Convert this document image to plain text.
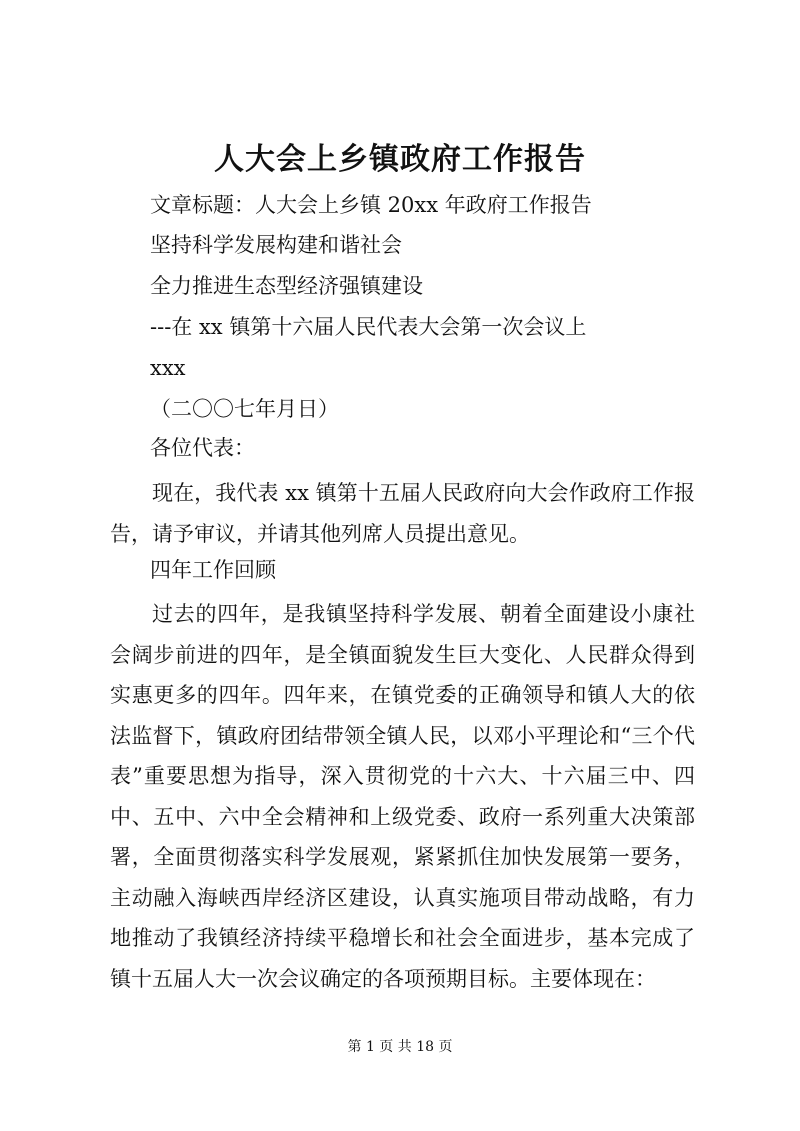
人大会上乡镇政府工作报告
文章标题：人大会上乡镇 20xx 年政府工作报告
坚持科学发展构建和谐社会
全力推进生态型经济强镇建设
---在 xx 镇第十六届人民代表大会第一次会议上
xxx
（二〇〇七年月日）
各位代表：
现在，我代表 xx 镇第十五届人民政府向大会作政府工作报告，请予审议，并请其他列席人员提出意见。
四年工作回顾
过去的四年，是我镇坚持科学发展、朝着全面建设小康社会阔步前进的四年，是全镇面貌发生巨大变化、人民群众得到实惠更多的四年。四年来，在镇党委的正确领导和镇人大的依法监督下，镇政府团结带领全镇人民，以邓小平理论和“三个代表”重要思想为指导，深入贯彻党的十六大、十六届三中、四中、五中、六中全会精神和上级党委、政府一系列重大决策部署，全面贯彻落实科学发展观，紧紧抓住加快发展第一要务，主动融入海峡西岸经济区建设，认真实施项目带动战略，有力地推动了我镇经济持续平稳增长和社会全面进步，基本完成了镇十五届人大一次会议确定的各项预期目标。主要体现在：
第 1 页 共 18 页
